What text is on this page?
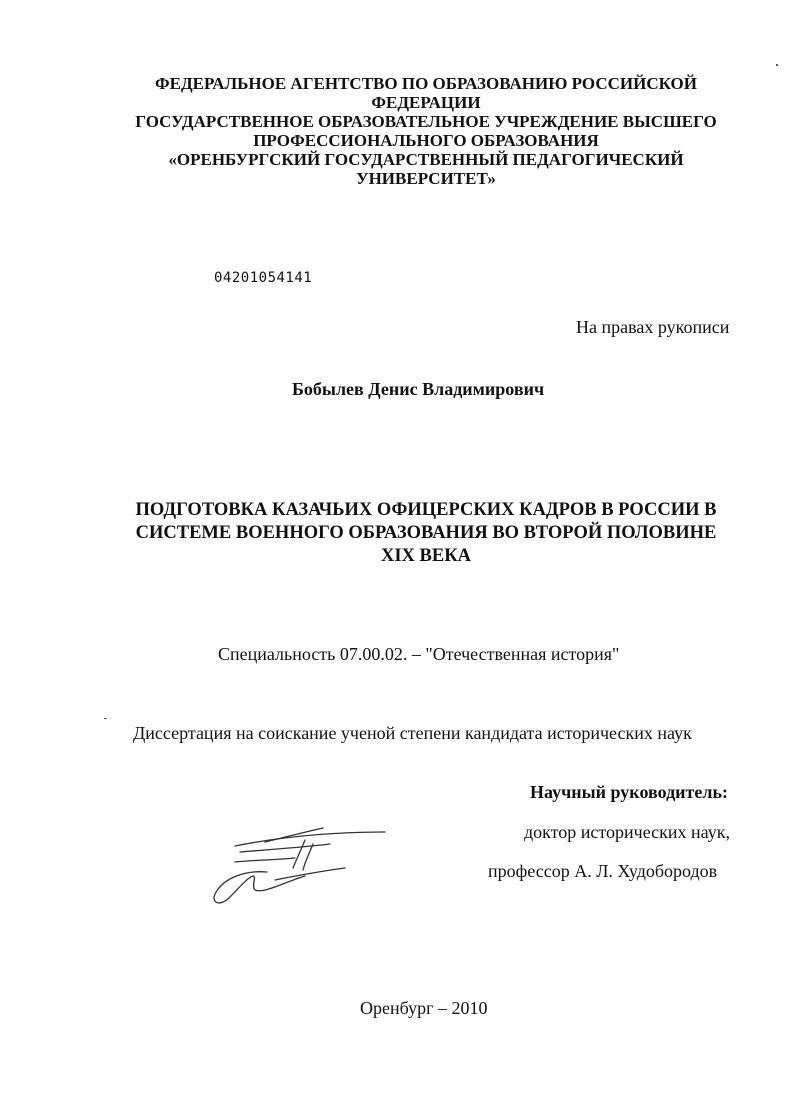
ФЕДЕРАЛЬНОЕ АГЕНТСТВО ПО ОБРАЗОВАНИЮ РОССИЙСКОЙ
ФЕДЕРАЦИИ
ГОСУДАРСТВЕННОЕ ОБРАЗОВАТЕЛЬНОЕ УЧРЕЖДЕНИЕ ВЫСШЕГО
ПРОФЕССИОНАЛЬНОГО ОБРАЗОВАНИЯ
«ОРЕНБУРГСКИЙ ГОСУДАРСТВЕННЫЙ ПЕДАГОГИЧЕСКИЙ
УНИВЕРСИТЕТ»
04201054141
На правах рукописи
Бобылев Денис Владимирович
ПОДГОТОВКА КАЗАЧЬИХ ОФИЦЕРСКИХ КАДРОВ В РОССИИ В
СИСТЕМЕ ВОЕННОГО ОБРАЗОВАНИЯ ВО ВТОРОЙ ПОЛОВИНЕ
XIX ВЕКА
Специальность 07.00.02. – "Отечественная история"
Диссертация на соискание ученой степени кандидата исторических наук
Научный руководитель:
доктор исторических наук,
профессор А. Л. Худобородов
Оренбург – 2010
